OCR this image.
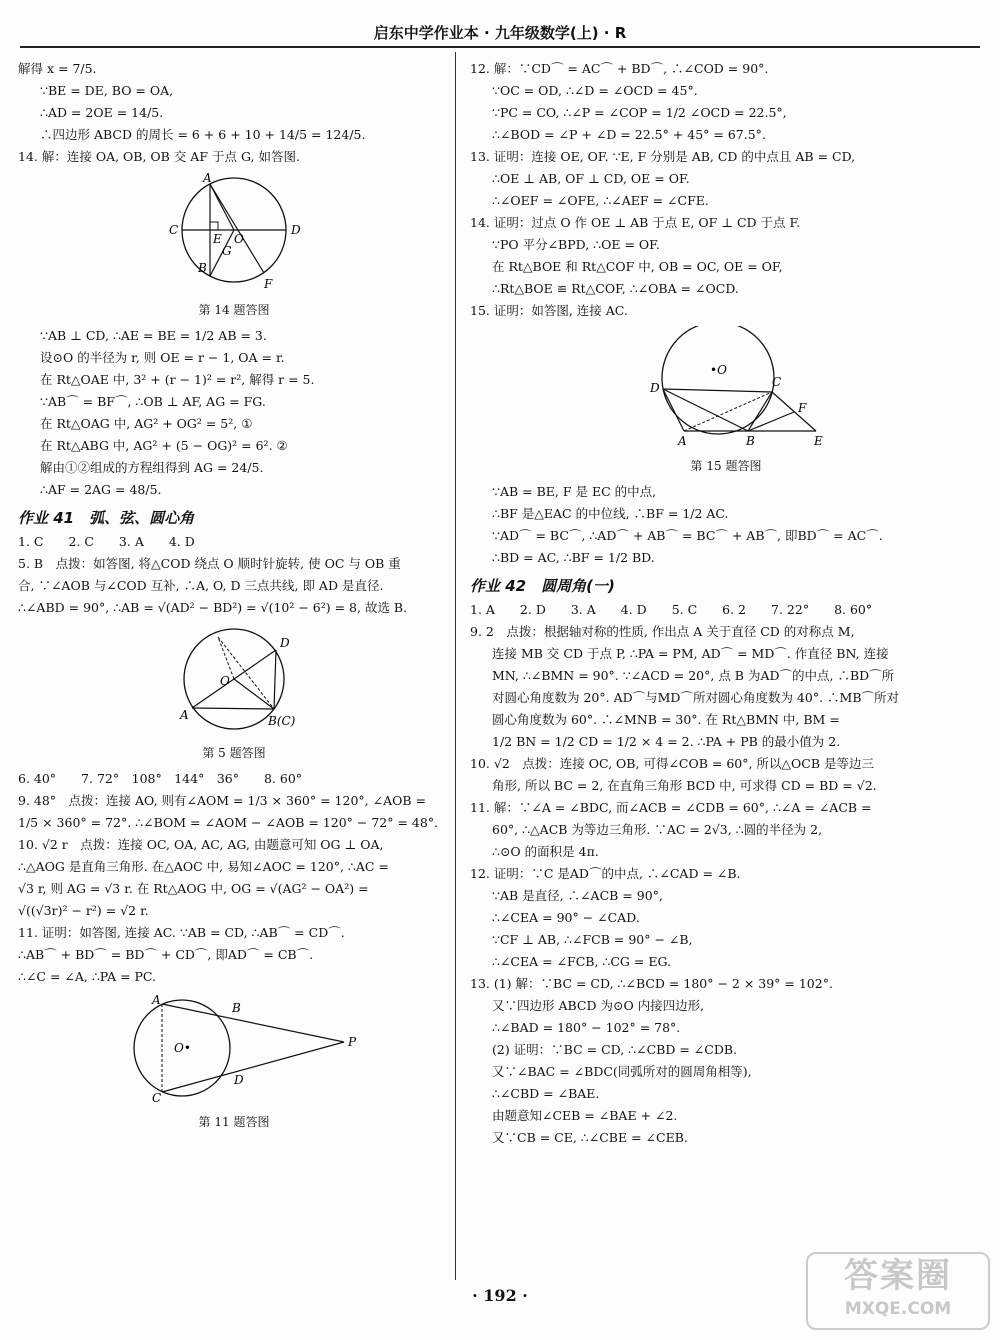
启东中学作业本 · 九年级数学(上) · R
解得 x = 7/5.
∵BE = DE, BO = OA,
∴AD = 2OE = 14/5.
∴四边形 ABCD 的周长 = 6 + 6 + 10 + 14/5 = 124/5.
14. 解：连接 OA, OB, OB 交 AF 于点 G, 如答图.
A
C
E O
D
G
B
F
第 14 题答图
∵AB ⊥ CD, ∴AE = BE = 1/2 AB = 3.
设⊙O 的半径为 r, 则 OE = r − 1, OA = r.
在 Rt△OAE 中, 3² + (r − 1)² = r², 解得 r = 5.
∵AB⌒ = BF⌒, ∴OB ⊥ AF, AG = FG.
在 Rt△OAG 中, AG² + OG² = 5², ①
在 Rt△ABG 中, AG² + (5 − OG)² = 6². ②
解由①②组成的方程组得到 AG = 24/5.
∴AF = 2AG = 48/5.
作业 41　弧、弦、圆心角
1. C　　2. C　　3. A　　4. D
5. B　点拨：如答图, 将△COD 绕点 O 顺时针旋转, 使 OC 与 OB 重
合, ∵∠AOB 与∠COD 互补, ∴A, O, D 三点共线, 即 AD 是直径.
∴∠ABD = 90°, ∴AB = √(AD² − BD²) = √(10² − 6²) = 8, 故选 B.
D
O
A	B(C)
第 5 题答图
6. 40°　　7. 72°　108°　144°　36°　　8. 60°
9. 48°　点拨：连接 AO, 则有∠AOM = 1/3 × 360° = 120°, ∠AOB =
1/5 × 360° = 72°. ∴∠BOM = ∠AOM − ∠AOB = 120° − 72° = 48°.
10. √2 r　点拨：连接 OC, OA, AC, AG, 由题意可知 OG ⊥ OA,
∴△AOG 是直角三角形. 在△AOC 中, 易知∠AOC = 120°, ∴AC =
√3 r, 则 AG = √3 r. 在 Rt△AOG 中, OG = √(AG² − OA²) =
√((√3r)² − r²) = √2 r.
11. 证明：如答图, 连接 AC. ∵AB = CD, ∴AB⌒ = CD⌒.
∴AB⌒ + BD⌒ = BD⌒ + CD⌒, 即AD⌒ = CB⌒.
∴∠C = ∠A, ∴PA = PC.
A
B
O•	P
D
C
第 11 题答图
12. 解：∵CD⌒ = AC⌒ + BD⌒, ∴∠COD = 90°.
∵OC = OD, ∴∠D = ∠OCD = 45°.
∵PC = CO, ∴∠P = ∠COP = 1/2 ∠OCD = 22.5°,
∴∠BOD = ∠P + ∠D = 22.5° + 45° = 67.5°.
13. 证明：连接 OE, OF. ∵E, F 分别是 AB, CD 的中点且 AB = CD,
∴OE ⊥ AB, OF ⊥ CD, OE = OF.
∴∠OEF = ∠OFE, ∴∠AEF = ∠CFE.
14. 证明：过点 O 作 OE ⊥ AB 于点 E, OF ⊥ CD 于点 F.
∵PO 平分∠BPD, ∴OE = OF.
在 Rt△BOE 和 Rt△COF 中, OB = OC, OE = OF,
∴Rt△BOE ≌ Rt△COF, ∴∠OBA = ∠OCD.
15. 证明：如答图, 连接 AC.
•O
D	C
F
A	B	E
第 15 题答图
∵AB = BE, F 是 EC 的中点,
∴BF 是△EAC 的中位线, ∴BF = 1/2 AC.
∵AD⌒ = BC⌒, ∴AD⌒ + AB⌒ = BC⌒ + AB⌒, 即BD⌒ = AC⌒.
∴BD = AC, ∴BF = 1/2 BD.
作业 42　圆周角(一)
1. A　　2. D　　3. A　　4. D　　5. C　　6. 2　　7. 22°　　8. 60°
9. 2　点拨：根据轴对称的性质, 作出点 A 关于直径 CD 的对称点 M,
连接 MB 交 CD 于点 P, ∴PA = PM, AD⌒ = MD⌒. 作直径 BN, 连接
MN, ∴∠BMN = 90°. ∵∠ACD = 20°, 点 B 为AD⌒的中点, ∴BD⌒所
对圆心角度数为 20°. AD⌒与MD⌒所对圆心角度数为 40°. ∴MB⌒所对
圆心角度数为 60°. ∴∠MNB = 30°. 在 Rt△BMN 中, BM =
1/2 BN = 1/2 CD = 1/2 × 4 = 2. ∴PA + PB 的最小值为 2.
10. √2　点拨：连接 OC, OB, 可得∠COB = 60°, 所以△OCB 是等边三
角形, 所以 BC = 2, 在直角三角形 BCD 中, 可求得 CD = BD = √2.
11. 解：∵∠A = ∠BDC, 而∠ACB = ∠CDB = 60°, ∴∠A = ∠ACB =
60°, ∴△ACB 为等边三角形. ∵AC = 2√3, ∴圆的半径为 2,
∴⊙O 的面积是 4π.
12. 证明：∵C 是AD⌒的中点, ∴∠CAD = ∠B.
∵AB 是直径, ∴∠ACB = 90°,
∴∠CEA = 90° − ∠CAD.
∵CF ⊥ AB, ∴∠FCB = 90° − ∠B,
∴∠CEA = ∠FCB, ∴CG = EG.
13. (1) 解：∵BC = CD, ∴∠BCD = 180° − 2 × 39° = 102°.
又∵四边形 ABCD 为⊙O 内接四边形,
∴∠BAD = 180° − 102° = 78°.
(2) 证明：∵BC = CD, ∴∠CBD = ∠CDB.
又∵∠BAC = ∠BDC(同弧所对的圆周角相等),
∴∠CBD = ∠BAE.
由题意知∠CEB = ∠BAE + ∠2.
又∵CB = CE, ∴∠CBE = ∠CEB.
· 192 ·	答案圈
MXQE.COM
